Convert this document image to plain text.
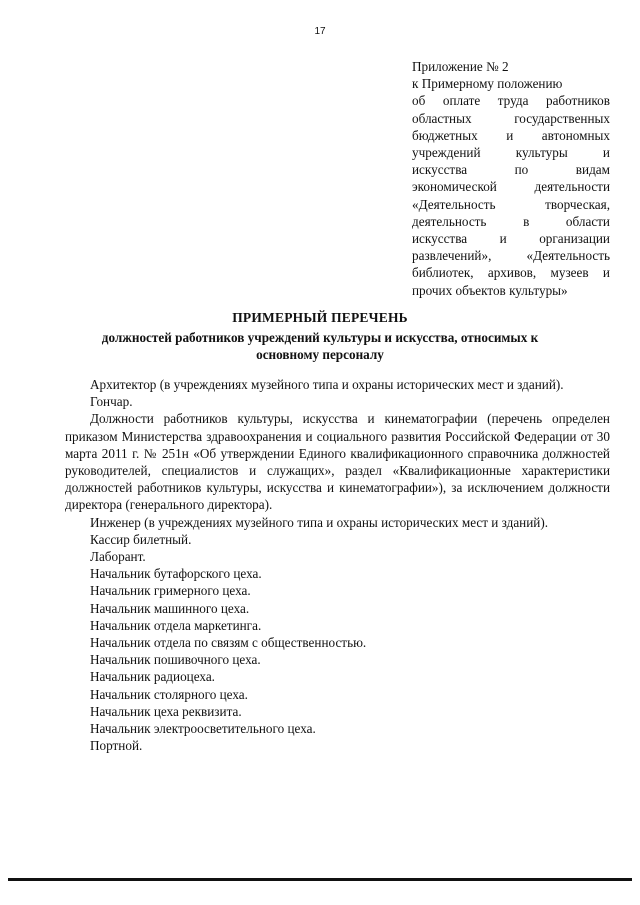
17
Приложение № 2
к Примерному положению
об оплате труда работников
областных государственных
бюджетных и автономных
учреждений культуры и
искусства по видам
экономической деятельности
«Деятельность творческая,
деятельность в области
искусства и организации
развлечений», «Деятельность
библиотек, архивов, музеев и
прочих объектов культуры»
ПРИМЕРНЫЙ ПЕРЕЧЕНЬ
должностей работников учреждений культуры и искусства, относимых к основному персоналу

Архитектор (в учреждениях музейного типа и охраны исторических мест и зданий).

Гончар.

Должности работников культуры, искусства и кинематографии (перечень определен приказом Министерства здравоохранения и социального развития Российской Федерации от 30 марта 2011 г. № 251н «Об утверждении Единого квалификационного справочника должностей руководителей, специалистов и служащих», раздел «Квалификационные характеристики должностей работников культуры, искусства и кинематографии»), за исключением должности директора (генерального директора).

Инженер (в учреждениях музейного типа и охраны исторических мест и зданий).

Кассир билетный.

Лаборант.

Начальник бутафорского цеха.

Начальник гримерного цеха.

Начальник машинного цеха.

Начальник отдела маркетинга.

Начальник отдела по связям с общественностью.

Начальник пошивочного цеха.

Начальник радиоцеха.

Начальник столярного цеха.

Начальник цеха реквизита.

Начальник электроосветительного цеха.

Портной.
